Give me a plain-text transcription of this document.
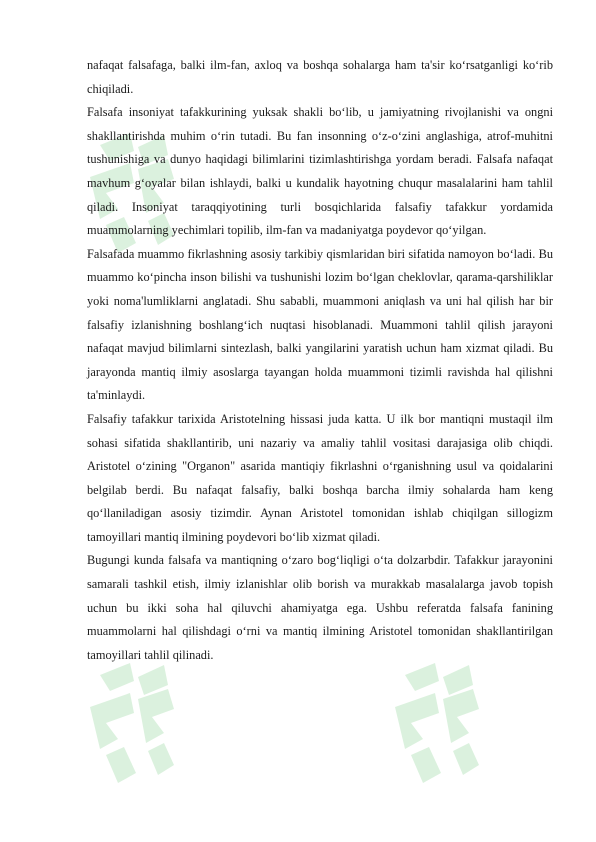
nafaqat falsafaga, balki ilm-fan, axloq va boshqa sohalarga ham ta'sir ko‘rsatganligi ko‘rib chiqiladi.

Falsafa insoniyat tafakkurining yuksak shakli bo‘lib, u jamiyatning rivojlanishi va ongni shakllantirishda muhim o‘rin tutadi. Bu fan insonning o‘z-o‘zini anglashiga, atrof-muhitni tushunishiga va dunyo haqidagi bilimlarini tizimlashtirishga yordam beradi. Falsafa nafaqat mavhum g‘oyalar bilan ishlaydi, balki u kundalik hayotning chuqur masalalarini ham tahlil qiladi. Insoniyat taraqqiyotining turli bosqichlarida falsafiy tafakkur yordamida muammolarning yechimlari topilib, ilm-fan va madaniyatga poydevor qo‘yilgan.

Falsafada muammo fikrlashning asosiy tarkibiy qismlaridan biri sifatida namoyon bo‘ladi. Bu muammo ko‘pincha inson bilishi va tushunishi lozim bo‘lgan cheklovlar, qarama-qarshiliklar yoki noma'lumliklarni anglatadi. Shu sababli, muammoni aniqlash va uni hal qilish har bir falsafiy izlanishning boshlang‘ich nuqtasi hisoblanadi. Muammoni tahlil qilish jarayoni nafaqat mavjud bilimlarni sintezlash, balki yangilarini yaratish uchun ham xizmat qiladi. Bu jarayonda mantiq ilmiy asoslarga tayangan holda muammoni tizimli ravishda hal qilishni ta'minlaydi.

Falsafiy tafakkur tarixida Aristotelning hissasi juda katta. U ilk bor mantiqni mustaqil ilm sohasi sifatida shakllantirib, uni nazariy va amaliy tahlil vositasi darajasiga olib chiqdi. Aristotel o‘zining "Organon" asarida mantiqiy fikrlashni o‘rganishning usul va qoidalarini belgilab berdi. Bu nafaqat falsafiy, balki boshqa barcha ilmiy sohalarda ham keng qo‘llaniladigan asosiy tizimdir. Aynan Aristotel tomonidan ishlab chiqilgan sillogizm tamoyillari mantiq ilmining poydevori bo‘lib xizmat qiladi.

Bugungi kunda falsafa va mantiqning o‘zaro bog‘liqligi o‘ta dolzarbdir. Tafakkur jarayonini samarali tashkil etish, ilmiy izlanishlar olib borish va murakkab masalalarga javob topish uchun bu ikki soha hal qiluvchi ahamiyatga ega. Ushbu referatda falsafa fanining muammolarni hal qilishdagi o‘rni va mantiq ilmining Aristotel tomonidan shakllantirilgan tamoyillari tahlil qilinadi.
